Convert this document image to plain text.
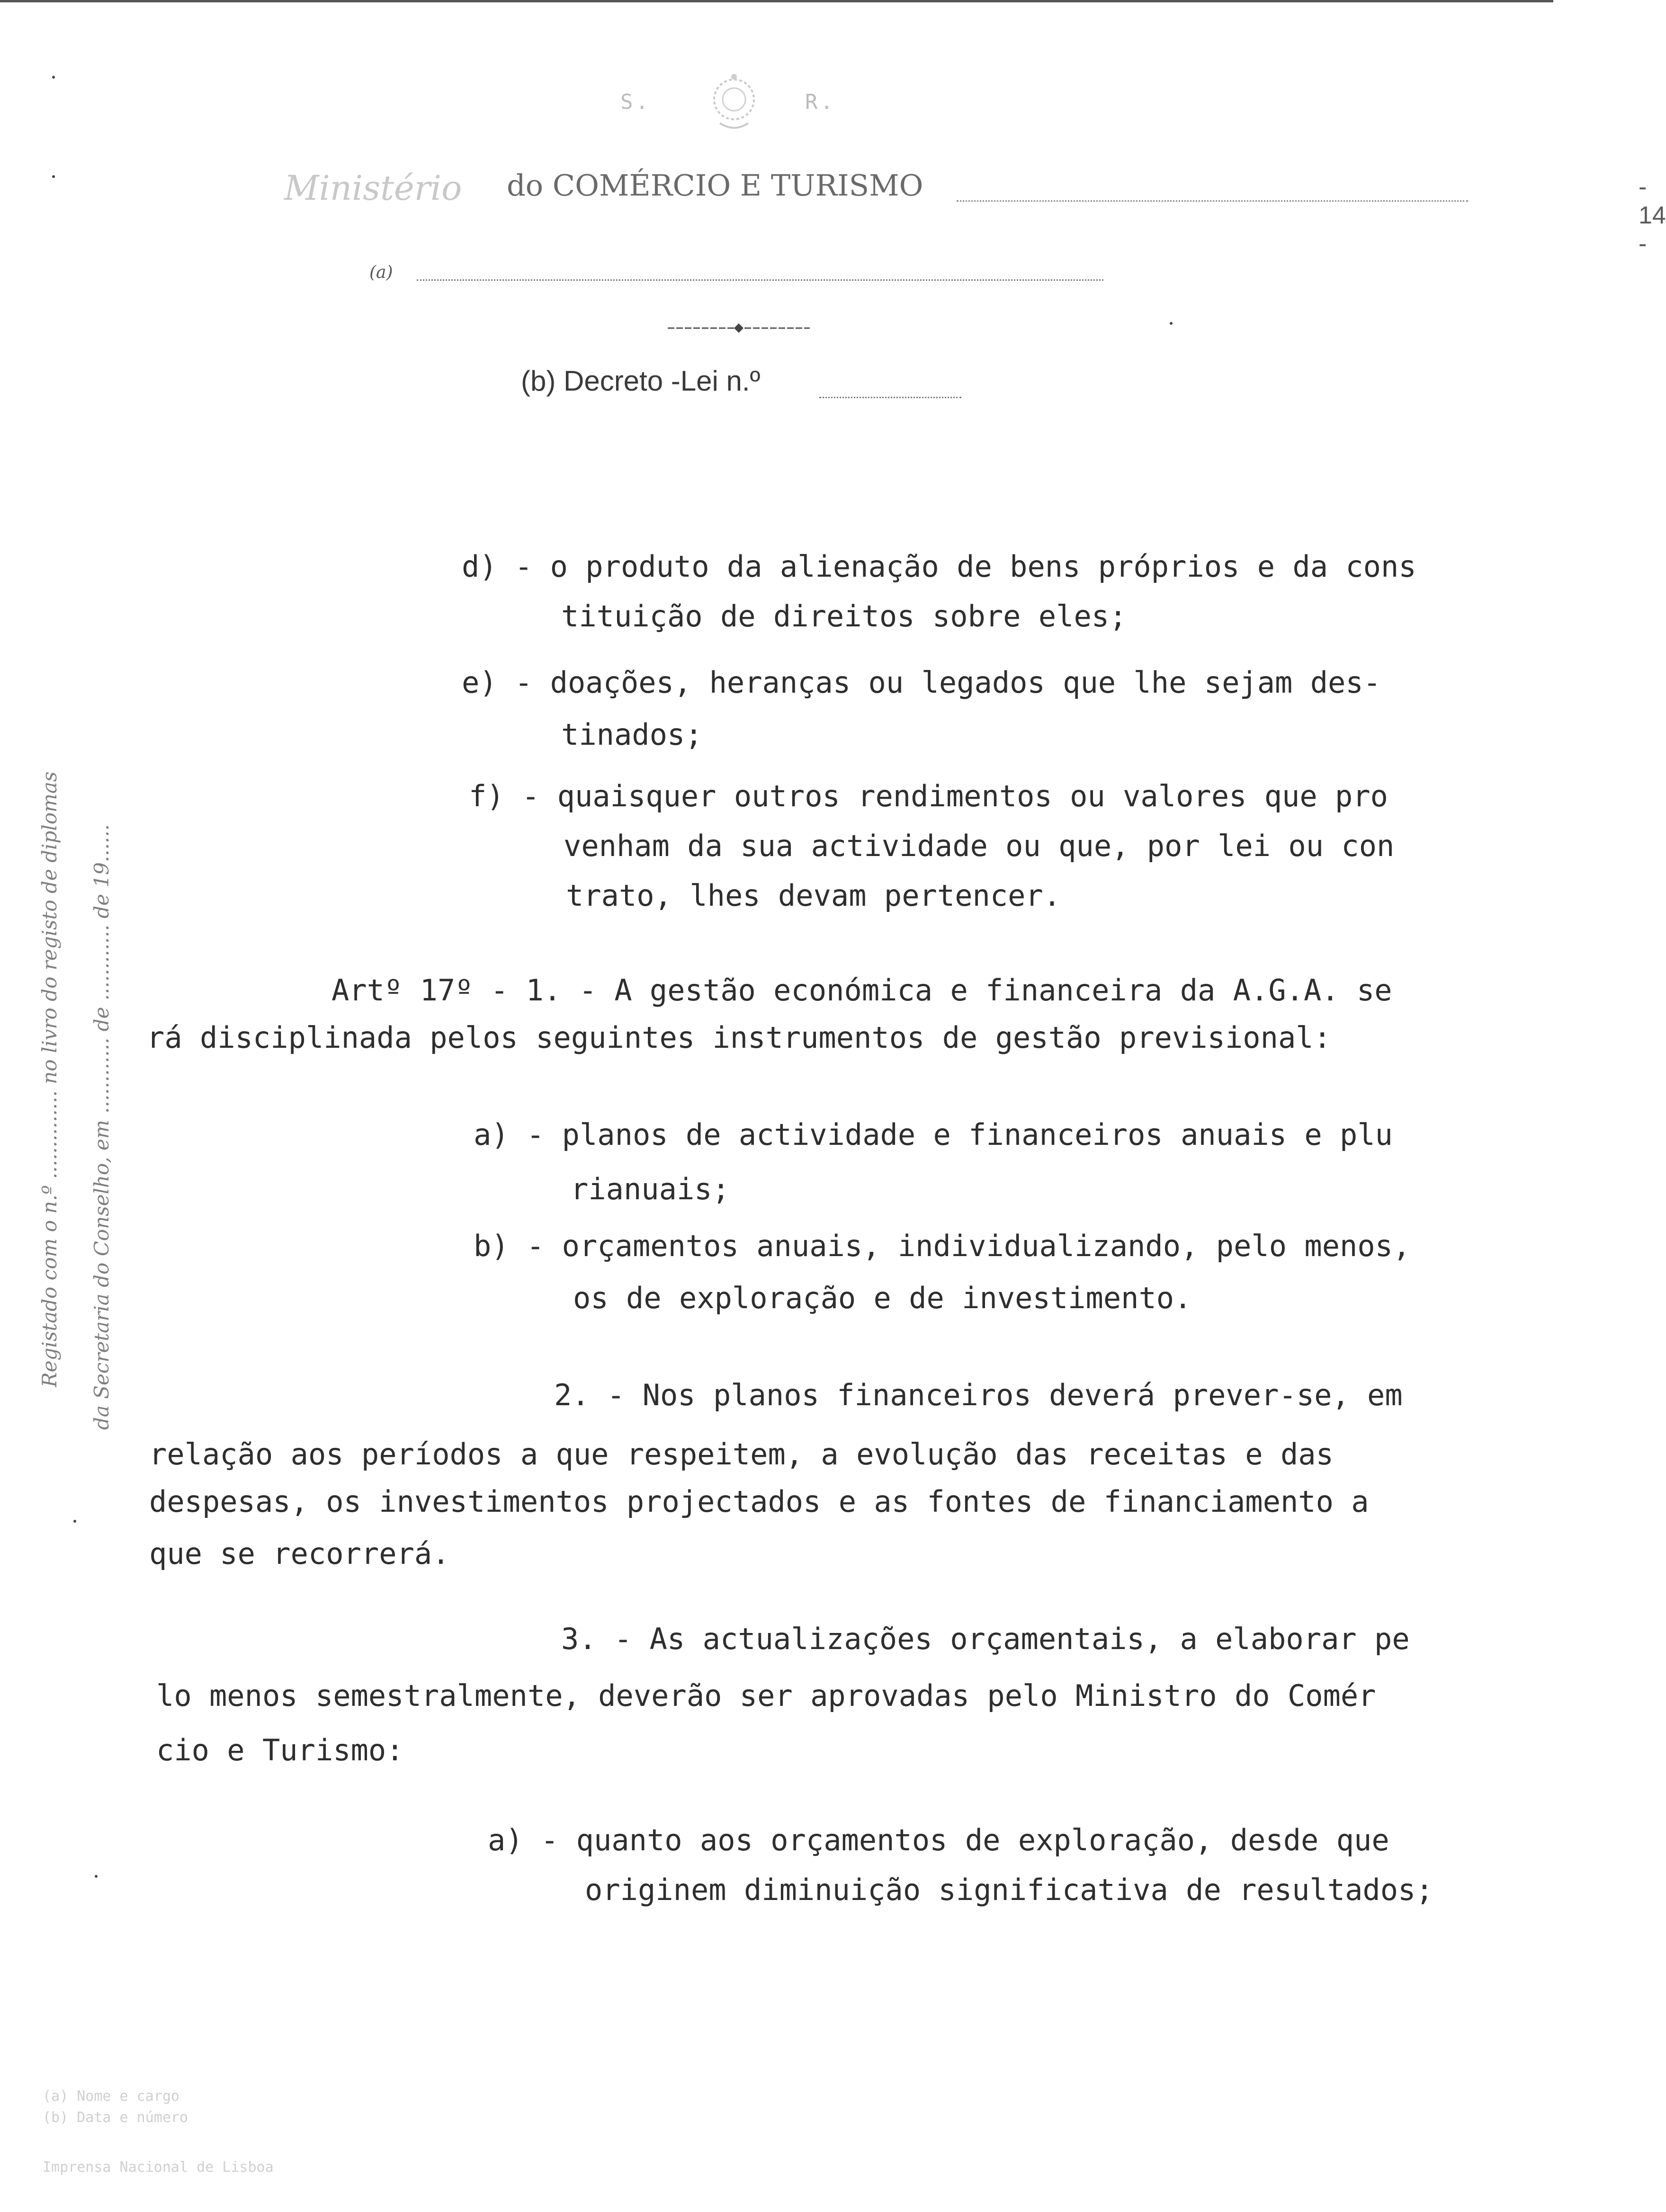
S.	R.
Ministério do COMÉRCIO E TURISMO	- 14 -
(a)
(b) Decreto -Lei n.º
Registado com o n.º .............. no livro do registo de diplomas da Secretaria do Conselho, em ............ de ............ de 19......
d) - o produto da alienação de bens próprios e da cons
tituição de direitos sobre eles;
e) - doações, heranças ou legados que lhe sejam des-
tinados;
f) - quaisquer outros rendimentos ou valores que pro
venham da sua actividade ou que, por lei ou con
trato, lhes devam pertencer.
Artº 17º - 1. - A gestão económica e financeira da A.G.A. se
rá disciplinada pelos seguintes instrumentos de gestão previsional:
a) - planos de actividade e financeiros anuais e plu
rianuais;
b) - orçamentos anuais, individualizando, pelo menos,
os de exploração e de investimento.
2. - Nos planos financeiros deverá prever-se, em
relação aos períodos a que respeitem, a evolução das receitas e das
despesas, os investimentos projectados e as fontes de financiamento a
que se recorrerá.
3. - As actualizações orçamentais, a elaborar pe
lo menos semestralmente, deverão ser aprovadas pelo Ministro do Comér
cio e Turismo:
a) - quanto aos orçamentos de exploração, desde que
originem diminuição significativa de resultados;
(a) Nome e cargo
(b) Data e número
Imprensa Nacional de Lisboa
